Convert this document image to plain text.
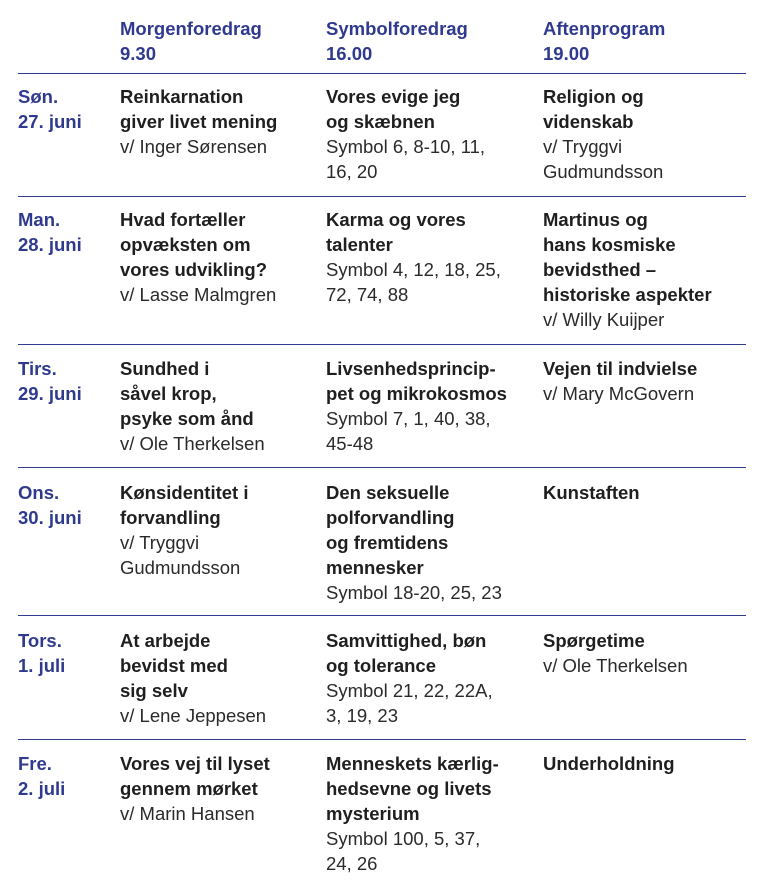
Morgenforedrag
9.30
Symbolforedrag
16.00
Aftenprogram
19.00
Søn.
27. juni
Reinkarnation
giver livet mening
v/ Inger Sørensen
Vores evige jeg
og skæbnen
Symbol 6, 8-10, 11,
16, 20
Religion og
videnskab
v/ Tryggvi
Gudmundsson
Man.
28. juni
Hvad fortæller
opvæksten om
vores udvikling?
v/ Lasse Malmgren
Karma og vores
talenter
Symbol 4, 12, 18, 25,
72, 74, 88
Martinus og
hans kosmiske
bevidsthed –
historiske aspekter
v/ Willy Kuijper
Tirs.
29. juni
Sundhed i
såvel krop,
psyke som ånd
v/ Ole Therkelsen
Livsenhedsprincip-
pet og mikrokosmos
Symbol 7, 1, 40, 38,
45-48
Vejen til indvielse
v/ Mary McGovern
Ons.
30. juni
Kønsidentitet i
forvandling
v/ Tryggvi
Gudmundsson
Den seksuelle
polforvandling
og fremtidens
mennesker
Symbol 18-20, 25, 23
Kunstaften
Tors.
1. juli
At arbejde
bevidst med
sig selv
v/ Lene Jeppesen
Samvittighed, bøn
og tolerance
Symbol 21, 22, 22A,
3, 19, 23
Spørgetime
v/ Ole Therkelsen
Fre.
2. juli
Vores vej til lyset
gennem mørket
v/ Marin Hansen
Menneskets kærlig-
hedsevne og livets
mysterium
Symbol 100, 5, 37,
24, 26
Underholdning
